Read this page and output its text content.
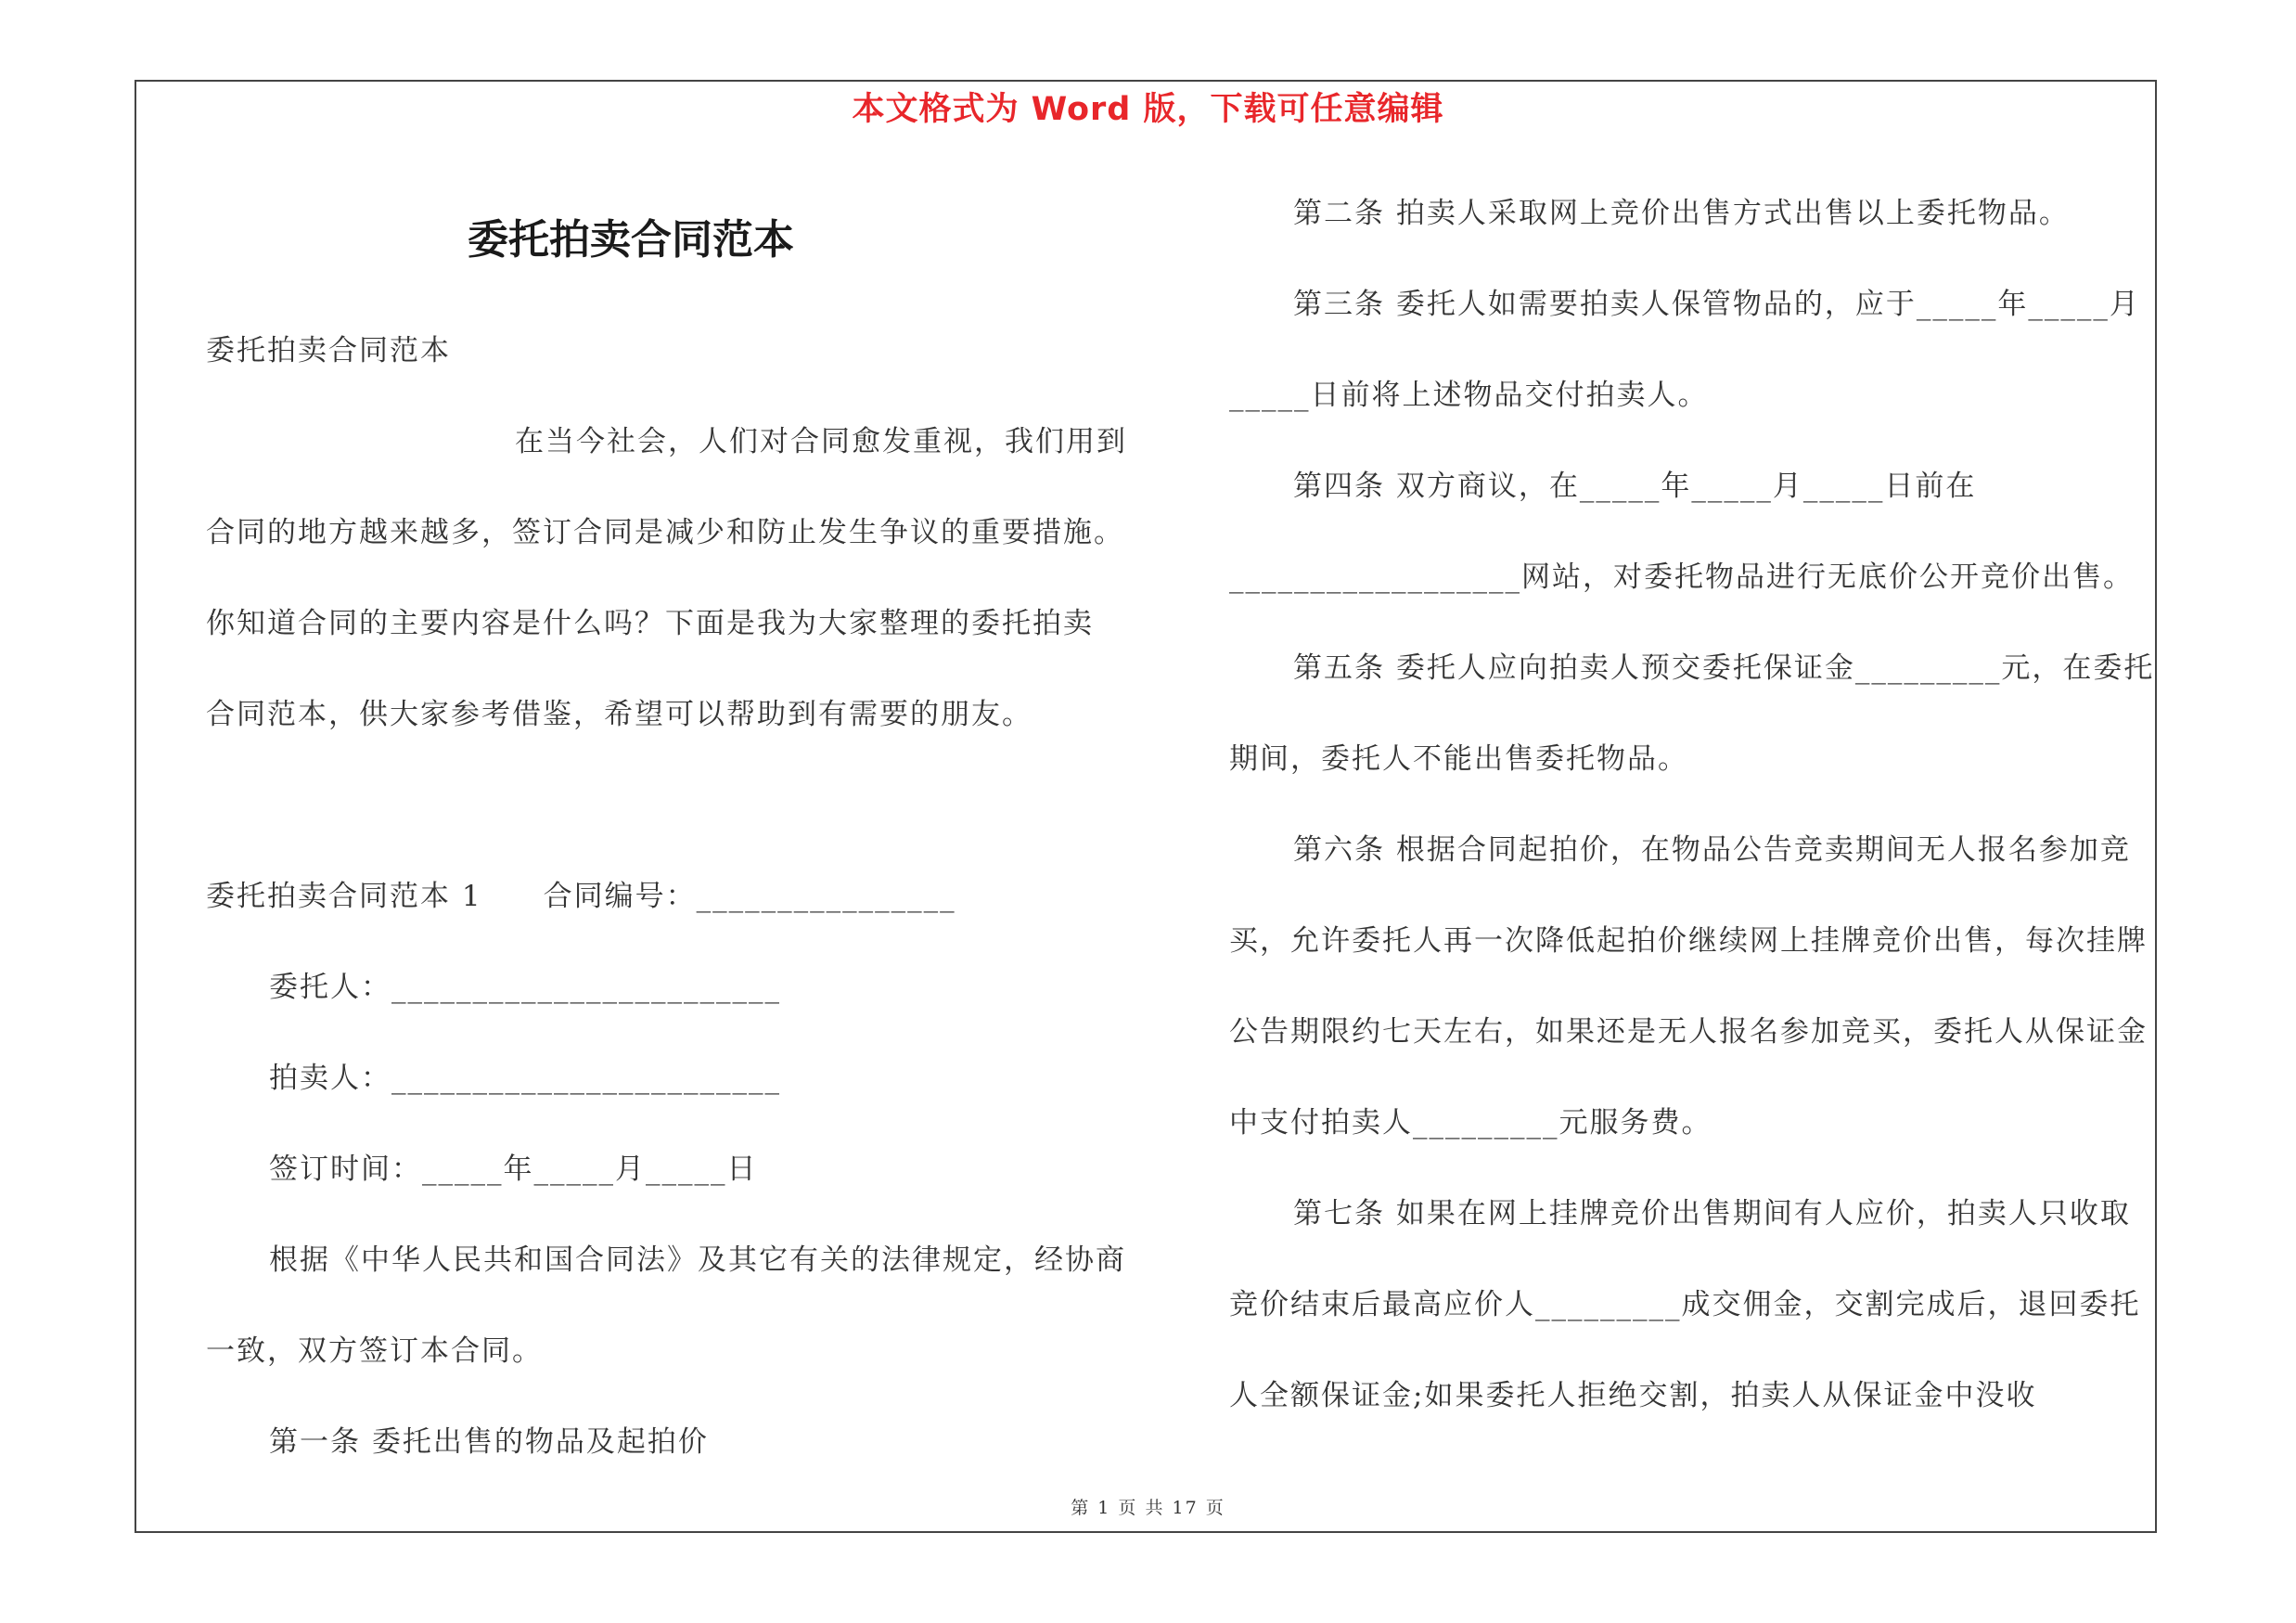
本文格式为 Word 版，下载可任意编辑
委托拍卖合同范本
委托拍卖合同范本
在当今社会，人们对合同愈发重视，我们用到
合同的地方越来越多，签订合同是减少和防止发生争议的重要措施。
你知道合同的主要内容是什么吗？下面是我为大家整理的委托拍卖
合同范本，供大家参考借鉴，希望可以帮助到有需要的朋友。
委托拍卖合同范本 1　　合同编号：________________
委托人：________________________
拍卖人：________________________
签订时间：_____年_____月_____日
根据《中华人民共和国合同法》及其它有关的法律规定，经协商
一致，双方签订本合同。
第一条 委托出售的物品及起拍价
第二条 拍卖人采取网上竞价出售方式出售以上委托物品。
第三条 委托人如需要拍卖人保管物品的，应于_____年_____月
_____日前将上述物品交付拍卖人。
第四条 双方商议，在_____年_____月_____日前在
__________________网站，对委托物品进行无底价公开竞价出售。
第五条 委托人应向拍卖人预交委托保证金_________元，在委托
期间，委托人不能出售委托物品。
第六条 根据合同起拍价，在物品公告竞卖期间无人报名参加竞
买，允许委托人再一次降低起拍价继续网上挂牌竞价出售，每次挂牌
公告期限约七天左右，如果还是无人报名参加竞买，委托人从保证金
中支付拍卖人_________元服务费。
第七条 如果在网上挂牌竞价出售期间有人应价，拍卖人只收取
竞价结束后最高应价人_________成交佣金，交割完成后，退回委托
人全额保证金;如果委托人拒绝交割，拍卖人从保证金中没收
第 1 页 共 17 页
